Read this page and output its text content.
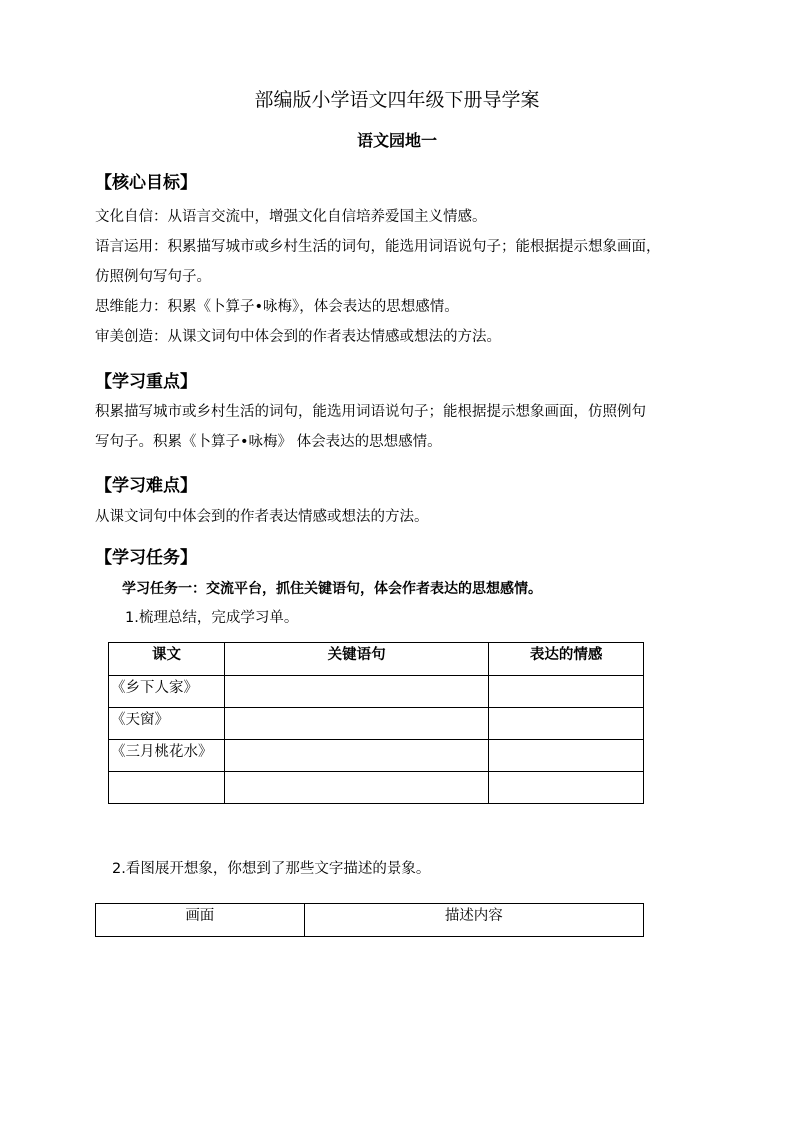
部编版小学语文四年级下册导学案
语文园地一
【核心目标】
文化自信：从语言交流中，增强文化自信培养爱国主义情感。
语言运用：积累描写城市或乡村生活的词句，能选用词语说句子；能根据提示想象画面，
仿照例句写句子。
思维能力：积累《卜算子•咏梅》，体会表达的思想感情。
审美创造：从课文词句中体会到的作者表达情感或想法的方法。
【学习重点】
积累描写城市或乡村生活的词句，能选用词语说句子；能根据提示想象画面，仿照例句
写句子。积累《卜算子•咏梅》 体会表达的思想感情。
【学习难点】
从课文词句中体会到的作者表达情感或想法的方法。
【学习任务】
学习任务一：交流平台，抓住关键语句，体会作者表达的思想感情。
1.梳理总结，完成学习单。
课文	关键语句	表达的情感
《乡下人家》		
《天窗》		
《三月桃花水》		

2.看图展开想象，你想到了那些文字描述的景象。
画面	描述内容
